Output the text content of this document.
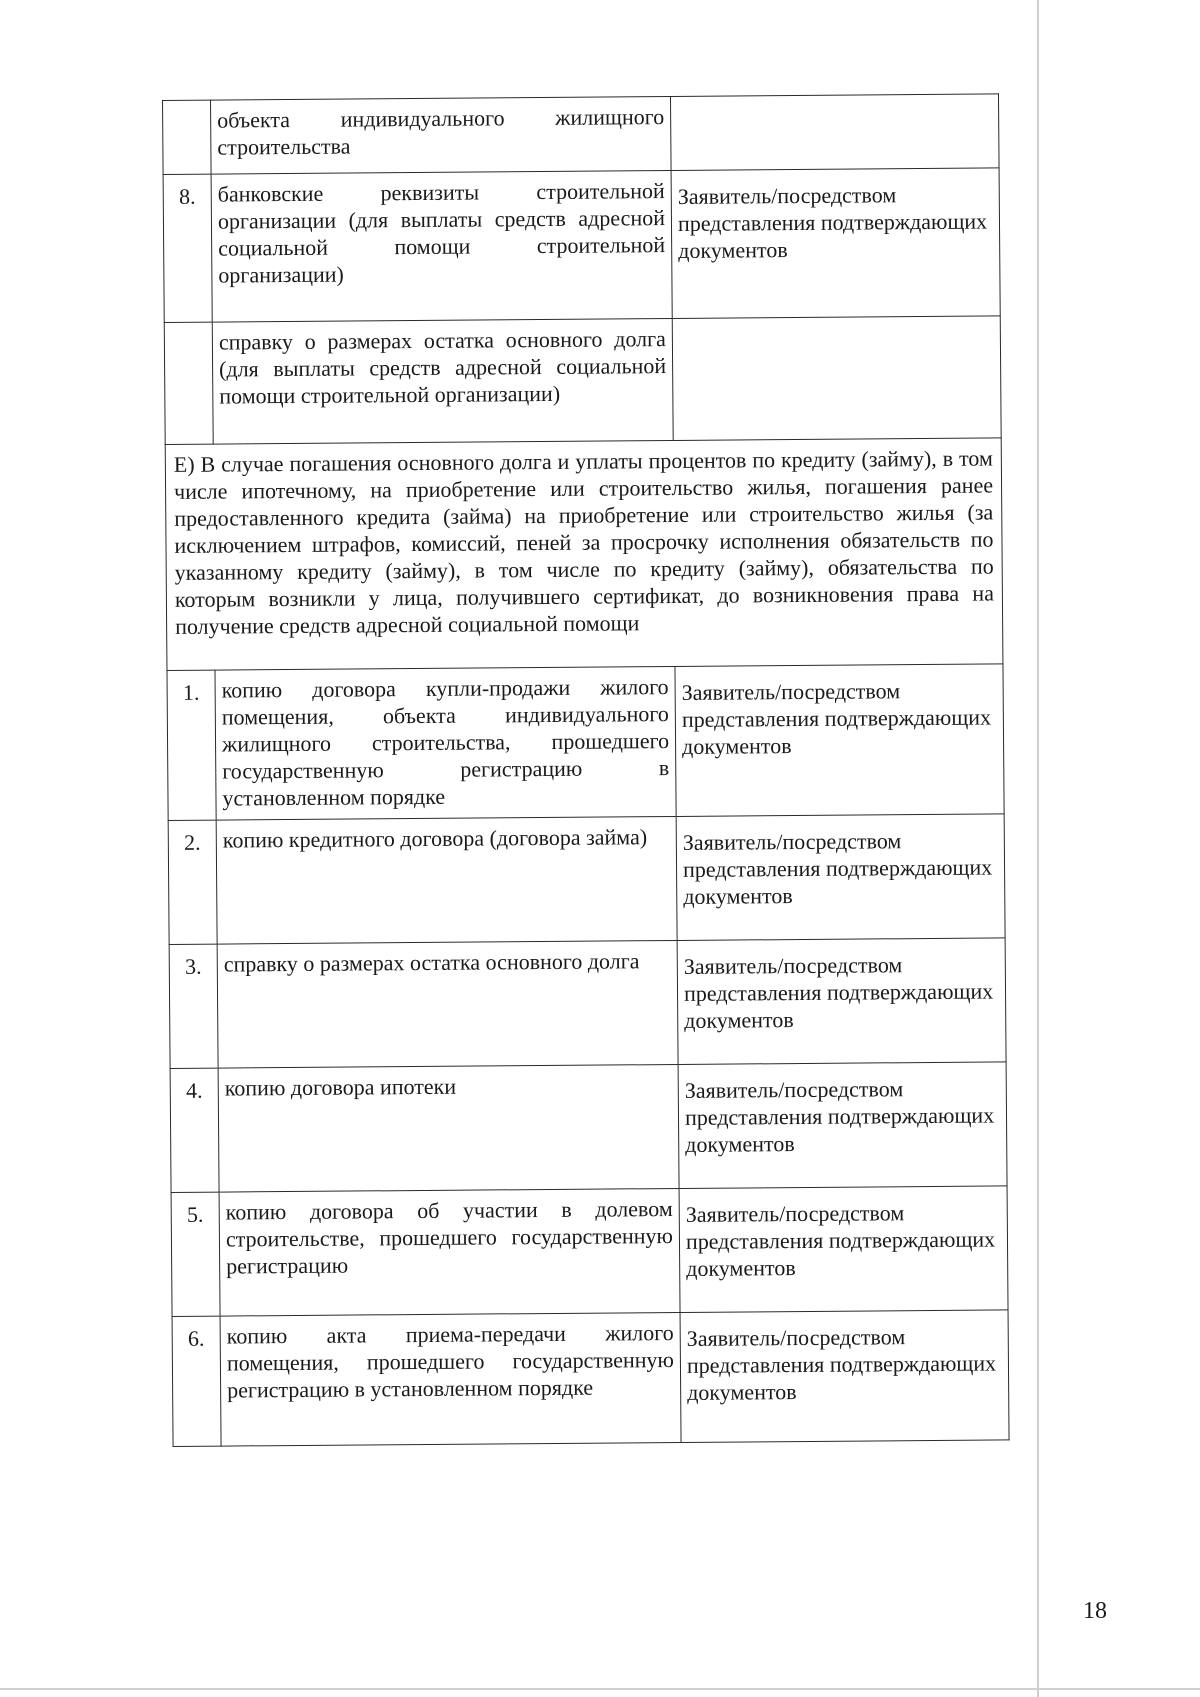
	объекта индивидуального жилищного строительства	
8.	банковские реквизиты строительной организации (для выплаты средств адресной социальной помощи строительной организации)	Заявитель/посредством представления подтверждающих документов
	справку о размерах остатка основного долга (для выплаты средств адресной социальной помощи строительной организации)	
Е) В случае погашения основного долга и уплаты процентов по кредиту (займу), в том числе ипотечному, на приобретение или строительство жилья, погашения ранее предоставленного кредита (займа) на приобретение или строительство жилья (за исключением штрафов, комиссий, пеней за просрочку исполнения обязательств по указанному кредиту (займу), в том числе по кредиту (займу), обязательства по которым возникли у лица, получившего сертификат, до возникновения права на получение средств адресной социальной помощи		
1.	копию договора купли-продажи жилого помещения, объекта индивидуального жилищного строительства, прошедшего государственную регистрацию в установленном порядке	Заявитель/посредством представления подтверждающих документов
2.	копию кредитного договора (договора займа)	Заявитель/посредством представления подтверждающих документов
3.	справку о размерах остатка основного долга	Заявитель/посредством представления подтверждающих документов
4.	копию договора ипотеки	Заявитель/посредством представления подтверждающих документов
5.	копию договора об участии в долевом строительстве, прошедшего государственную регистрацию	Заявитель/посредством представления подтверждающих документов
6.	копию акта приема-передачи жилого помещения, прошедшего государственную регистрацию в установленном порядке	Заявитель/посредством представления подтверждающих документов
18
